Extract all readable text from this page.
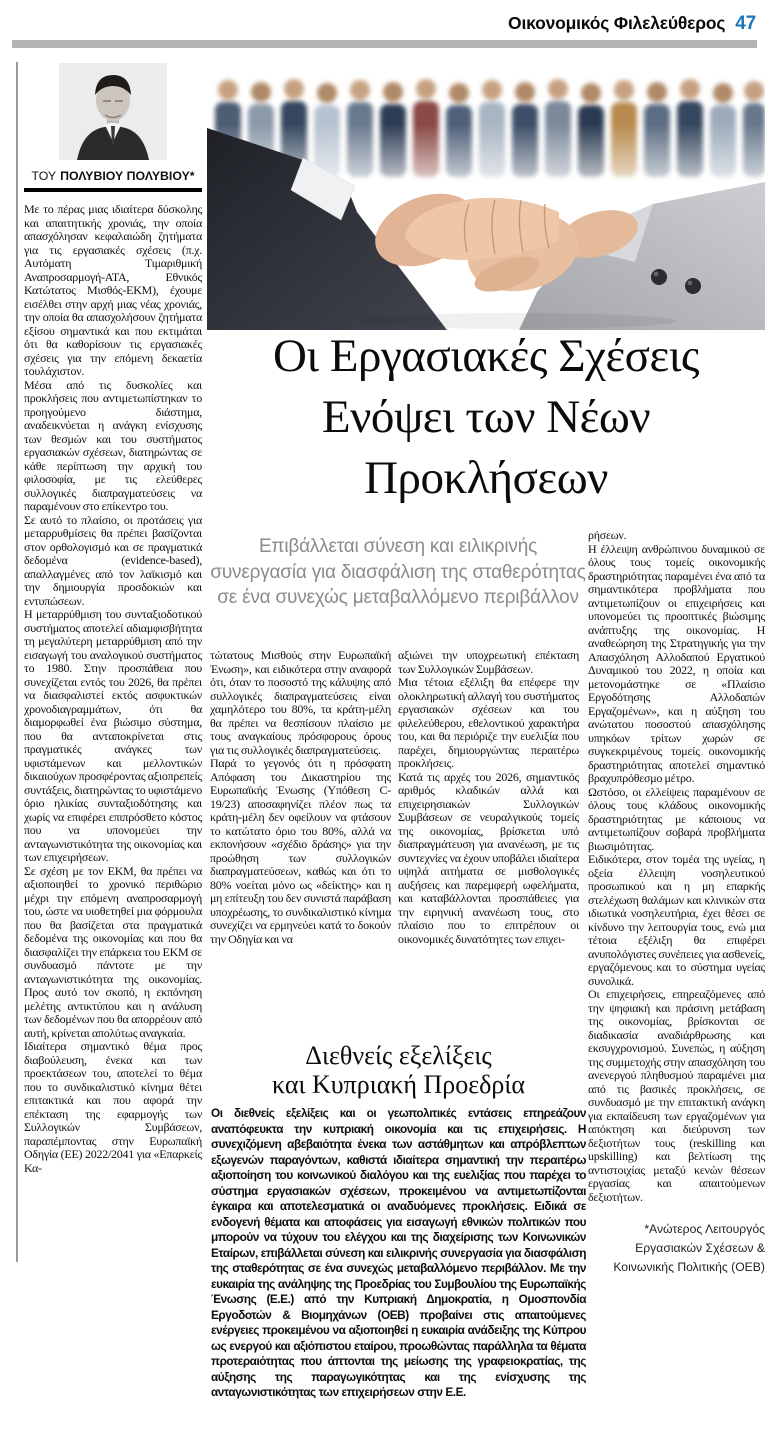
Οικονομικός Φιλελεύθερος 47
ΤΟΥ ΠΟΛΥΒΙΟΥ ΠΟΛΥΒΙΟΥ*

Με το πέρας μιας ιδιαίτερα δύσκολης και απαιτητικής χρονιάς, την οποία απασχόλησαν κεφαλαιώδη ζητήματα για τις εργασιακές σχέσεις (π.χ. Αυτόματη Τιμαριθμική Αναπροσαρμογή-ΑΤΑ, Εθνικός Κατώτατος Μισθός-ΕΚΜ), έχουμε εισέλθει στην αρχή μιας νέας χρονιάς, την οποία θα απασχολήσουν ζητήματα εξίσου σημαντικά και που εκτιμάται ότι θα καθορίσουν τις εργασιακές σχέσεις για την επόμενη δεκαετία τουλάχιστον.

Μέσα από τις δυσκολίες και προκλήσεις που αντιμετωπίστηκαν το προηγούμενο διάστημα, αναδεικνύεται η ανάγκη ενίσχυσης των θεσμών και του συστήματος εργασιακών σχέσεων, διατηρώντας σε κάθε περίπτωση την αρχική του φιλοσοφία, με τις ελεύθερες συλλογικές διαπραγματεύσεις να παραμένουν στο επίκεντρο του.

Σε αυτό το πλαίσιο, οι προτάσεις για μεταρρυθμίσεις θα πρέπει βασίζονται στον ορθολογισμό και σε πραγματικά δεδομένα (evidence-based), απαλλαγμένες από τον λαϊκισμό και την δημιουργία προσδοκιών και εντυπώσεων.

Η μεταρρύθμιση του συνταξιοδοτικού συστήματος αποτελεί αδιαμφισβήτητα τη μεγαλύτερη μεταρρύθμιση από την εισαγωγή του αναλογικού συστήματος το 1980. Στην προσπάθεια που συνεχίζεται εντός του 2026, θα πρέπει να διασφαλιστεί εκτός ασφυκτικών χρονοδιαγραμμάτων, ότι θα διαμορφωθεί ένα βιώσιμο σύστημα, που θα ανταποκρίνεται στις πραγματικές ανάγκες των υφιστάμενων και μελλοντικών δικαιούχων προσφέροντας αξιοπρεπείς συντάξεις, διατηρώντας το υφιστάμενο όριο ηλικίας συνταξιοδότησης και χωρίς να επιφέρει επιπρόσθετο κόστος που να υπονομεύει την ανταγωνιστικότητα της οικονομίας και των επιχειρήσεων.

Σε σχέση με τον ΕΚΜ, θα πρέπει να αξιοποιηθεί το χρονικό περιθώριο μέχρι την επόμενη αναπροσαρμογή του, ώστε να υιοθετηθεί μια φόρμουλα που θα βασίζεται στα πραγματικά δεδομένα της οικονομίας και που θα διασφαλίζει την επάρκεια του ΕΚΜ σε συνδυασμό πάντοτε με την ανταγωνιστικότητα της οικονομίας. Προς αυτό τον σκοπό, η εκπόνηση μελέτης αντικτύπου και η ανάλυση των δεδομένων που θα απορρέουν από αυτή, κρίνεται απολύτως αναγκαία.

Ιδιαίτερα σημαντικό θέμα προς διαβούλευση, ένεκα και των προεκτάσεων του, αποτελεί το θέμα που το συνδικαλιστικό κίνημα θέτει επιτακτικά και που αφορά την επέκταση της εφαρμογής των Συλλογικών Συμβάσεων, παραπέμποντας στην Ευρωπαϊκή Οδηγία (ΕΕ) 2022/2041 για «Επαρκείς Κα-

Οι Εργασιακές Σχέσεις
Ενόψει των Νέων
Προκλήσεων

Επιβάλλεται σύνεση και ειλικρινής συνεργασία για διασφάλιση της σταθερότητας σε ένα συνεχώς μεταβαλλόμενο περιβάλλον

τώτατους Μισθούς στην Ευρωπαϊκή Ένωση», και ειδικότερα στην αναφορά ότι, όταν το ποσοστό της κάλυψης από συλλογικές διαπραγματεύσεις είναι χαμηλότερο του 80%, τα κράτη-μέλη θα πρέπει να θεσπίσουν πλαίσιο με τους αναγκαίους πρόσφορους όρους για τις συλλογικές διαπραγματεύσεις.

Παρά το γεγονός ότι η πρόσφατη Απόφαση του Δικαστηρίου της Ευρωπαϊκής Ένωσης (Υπόθεση C-19/23) αποσαφηνίζει πλέον πως τα κράτη-μέλη δεν οφείλουν να φτάσουν το κατώτατο όριο του 80%, αλλά να εκπονήσουν «σχέδιο δράσης» για την προώθηση των συλλογικών διαπραγματεύσεων, καθώς και ότι το 80% νοείται μόνο ως «δείκτης» και η μη επίτευξη του δεν συνιστά παράβαση υποχρέωσης, το συνδικαλιστικό κίνημα συνεχίζει να ερμηνεύει κατά το δοκούν την Οδηγία και να

αξιώνει την υποχρεωτική επέκταση των Συλλογικών Συμβάσεων.

Μια τέτοια εξέλιξη θα επέφερε την ολοκληρωτική αλλαγή του συστήματος εργασιακών σχέσεων και του φιλελεύθερου, εθελοντικού χαρακτήρα του, και θα περιόριζε την ευελιξία που παρέχει, δημιουργώντας περαιτέρω προκλήσεις.

Κατά τις αρχές του 2026, σημαντικός αριθμός κλαδικών αλλά και επιχειρησιακών Συλλογικών Συμβάσεων σε νευραλγικούς τομείς της οικονομίας, βρίσκεται υπό διαπραγμάτευση για ανανέωση, με τις συντεχνίες να έχουν υποβάλει ιδιαίτερα υψηλά αιτήματα σε μισθολογικές αυξήσεις και παρεμφερή ωφελήματα, και καταβάλλονται προσπάθειες για την ειρηνική ανανέωση τους, στο πλαίσιο που το επιτρέπουν οι οικονομικές δυνατότητες των επιχει-

ρήσεων.

Η έλλειψη ανθρώπινου δυναμικού σε όλους τους τομείς οικονομικής δραστηριότητας παραμένει ένα από τα σημαντικότερα προβλήματα που αντιμετωπίζουν οι επιχειρήσεις και υπονομεύει τις προοπτικές βιώσιμης ανάπτυξης της οικονομίας. Η αναθεώρηση της Στρατηγικής για την Απασχόληση Αλλοδαπού Εργατικού Δυναμικού του 2022, η οποία και μετονομάστηκε σε «Πλαίσιο Εργοδότησης Αλλοδαπών Εργαζομένων», και η αύξηση του ανώτατου ποσοστού απασχόλησης υπηκόων τρίτων χωρών σε συγκεκριμένους τομείς οικονομικής δραστηριότητας αποτελεί σημαντικό βραχυπρόθεσμο μέτρο.

Ωστόσο, οι ελλείψεις παραμένουν σε όλους τους κλάδους οικονομικής δραστηριότητας με κάποιους να αντιμετωπίζουν σοβαρά προβλήματα βιωσιμότητας.

Ειδικότερα, στον τομέα της υγείας, η οξεία έλλειψη νοσηλευτικού προσωπικού και η μη επαρκής στελέχωση θαλάμων και κλινικών στα ιδιωτικά νοσηλευτήρια, έχει θέσει σε κίνδυνο την λειτουργία τους, ενώ μια τέτοια εξέλιξη θα επιφέρει ανυπολόγιστες συνέπειες για ασθενείς, εργαζόμενους και το σύστημα υγείας συνολικά.

Οι επιχειρήσεις, επηρεαζόμενες από την ψηφιακή και πράσινη μετάβαση της οικονομίας, βρίσκονται σε διαδικασία αναδιάρθρωσης και εκσυγχρονισμού. Συνεπώς, η αύξηση της συμμετοχής στην απασχόληση του ανενεργού πληθυσμού παραμένει μια από τις βασικές προκλήσεις, σε συνδυασμό με την επιτακτική ανάγκη για εκπαίδευση των εργαζομένων για απόκτηση και διεύρυνση των δεξιοτήτων τους (reskilling και upskilling) και βελτίωση της αντιστοιχίας μεταξύ κενών θέσεων εργασίας και απαιτούμενων δεξιοτήτων.

*Ανώτερος Λειτουργός
Εργασιακών Σχέσεων &
Κοινωνικής Πολιτικής (ΟΕΒ)
Διεθνείς εξελίξεις
και Κυπριακή Προεδρία

Οι διεθνείς εξελίξεις και οι γεωπολιτικές εντάσεις επηρεάζουν αναπόφευκτα την κυπριακή οικονομία και τις επιχειρήσεις. Η συνεχιζόμενη αβεβαιότητα ένεκα των αστάθμητων και απρόβλεπτων εξωγενών παραγόντων, καθιστά ιδιαίτερα σημαντική την περαιτέρω αξιοποίηση του κοινωνικού διαλόγου και της ευελιξίας που παρέχει το σύστημα εργασιακών σχέσεων, προκειμένου να αντιμετωπίζονται έγκαιρα και αποτελεσματικά οι αναδυόμενες προκλήσεις. Ειδικά σε ενδογενή θέματα και αποφάσεις για εισαγωγή εθνικών πολιτικών που μπορούν να τύχουν του ελέγχου και της διαχείρισης των Κοινωνικών Εταίρων, επιβάλλεται σύνεση και ειλικρινής συνεργασία για διασφάλιση της σταθερότητας σε ένα συνεχώς μεταβαλλόμενο περιβάλλον. Με την ευκαιρία της ανάληψης της Προεδρίας του Συμβουλίου της Ευρωπαϊκής Ένωσης (Ε.Ε.) από την Κυπριακή Δημοκρατία, η Ομοσπονδία Εργοδοτών & Βιομηχάνων (ΟΕΒ) προβαίνει στις απαιτούμενες ενέργειες προκειμένου να αξιοποιηθεί η ευκαιρία ανάδειξης της Κύπρου ως ενεργού και αξιόπιστου εταίρου, προωθώντας παράλληλα τα θέματα προτεραιότητας που άπτονται της μείωσης της γραφειοκρατίας, της αύξησης της παραγωγικότητας και της ενίσχυσης της ανταγωνιστικότητας των επιχειρήσεων στην Ε.Ε.
